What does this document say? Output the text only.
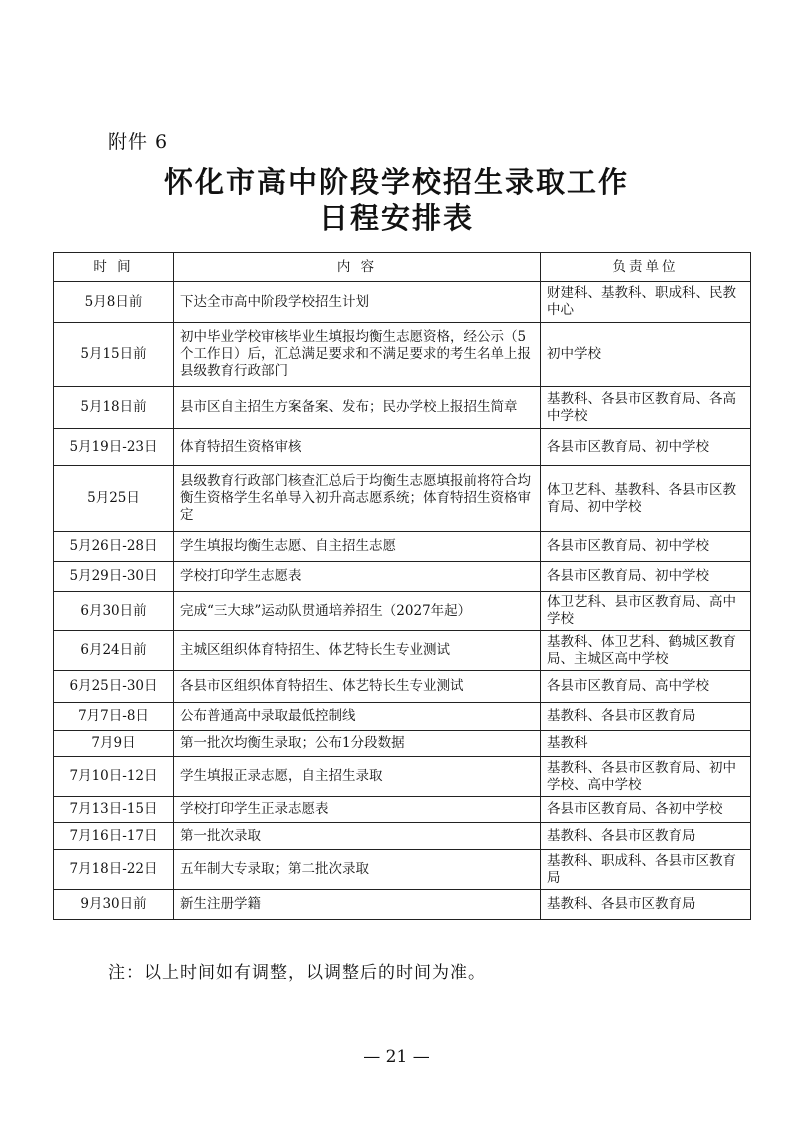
附件 6
怀化市高中阶段学校招生录取工作
日程安排表
时 间	内 容	负责单位
5月8日前	下达全市高中阶段学校招生计划	财建科、基教科、职成科、民教中心
5月15日前	初中毕业学校审核毕业生填报均衡生志愿资格，经公示（5个工作日）后，汇总满足要求和不满足要求的考生名单上报县级教育行政部门	初中学校
5月18日前	县市区自主招生方案备案、发布；民办学校上报招生简章	基教科、各县市区教育局、各高中学校
5月19日-23日	体育特招生资格审核	各县市区教育局、初中学校
5月25日	县级教育行政部门核查汇总后于均衡生志愿填报前将符合均衡生资格学生名单导入初升高志愿系统；体育特招生资格审定	体卫艺科、基教科、各县市区教育局、初中学校
5月26日-28日	学生填报均衡生志愿、自主招生志愿	各县市区教育局、初中学校
5月29日-30日	学校打印学生志愿表	各县市区教育局、初中学校
6月30日前	完成“三大球”运动队贯通培养招生（2027年起）	体卫艺科、县市区教育局、高中学校
6月24日前	主城区组织体育特招生、体艺特长生专业测试	基教科、体卫艺科、鹤城区教育局、主城区高中学校
6月25日-30日	各县市区组织体育特招生、体艺特长生专业测试	各县市区教育局、高中学校
7月7日-8日	公布普通高中录取最低控制线	基教科、各县市区教育局
7月9日	第一批次均衡生录取；公布1分段数据	基教科
7月10日-12日	学生填报正录志愿，自主招生录取	基教科、各县市区教育局、初中学校、高中学校
7月13日-15日	学校打印学生正录志愿表	各县市区教育局、各初中学校
7月16日-17日	第一批次录取	基教科、各县市区教育局
7月18日-22日	五年制大专录取；第二批次录取	基教科、职成科、各县市区教育局
9月30日前	新生注册学籍	基教科、各县市区教育局
注：以上时间如有调整，以调整后的时间为准。
— 21 —
